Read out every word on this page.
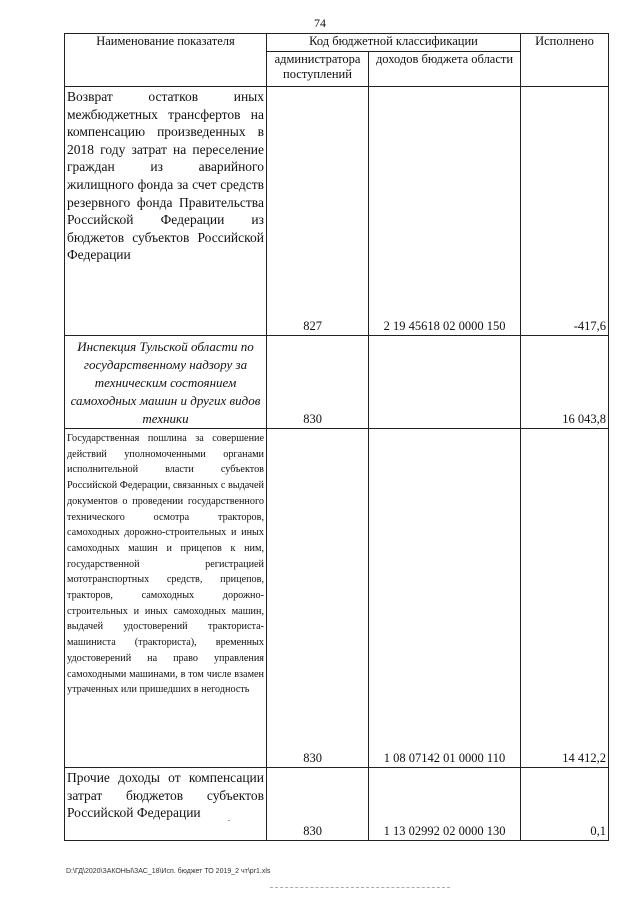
74
Наименование показателя	Код бюджетной классификации		Исполнено
	администратора поступлений	доходов бюджета области	
Возврат остатков иных межбюджетных трансфертов на компенсацию произведенных в 2018 году затрат на переселение граждан из аварийного жилищного фонда за счет средств резервного фонда Правительства Российской Федерации из бюджетов субъектов Российской Федерации	827	2 19 45618 02 0000 150	-417,6
Инспекция Тульской области по государственному надзору за техническим состоянием самоходных машин и других видов техники	830		16 043,8
Государственная пошлина за совершение действий уполномоченными органами исполнительной власти субъектов Российской Федерации, связанных с выдачей документов о проведении государственного технического осмотра тракторов, самоходных дорожно-строительных и иных самоходных машин и прицепов к ним, государственной регистрацией мототранспортных средств, прицепов, тракторов, самоходных дорожно-строительных и иных самоходных машин, выдачей удостоверений тракториста-машиниста (тракториста), временных удостоверений на право управления самоходными машинами, в том числе взамен утраченных или пришедших в негодность	830	1 08 07142 01 0000 110	14 412,2
Прочие доходы от компенсации затрат бюджетов субъектов Российской Федерации	830	1 13 02992 02 0000 130	0,1
D:\ГД\2020\ЗАКОНЫ\ЗАС_18\Исп. бюджет ТО 2019_2 чт\pr1.xls
